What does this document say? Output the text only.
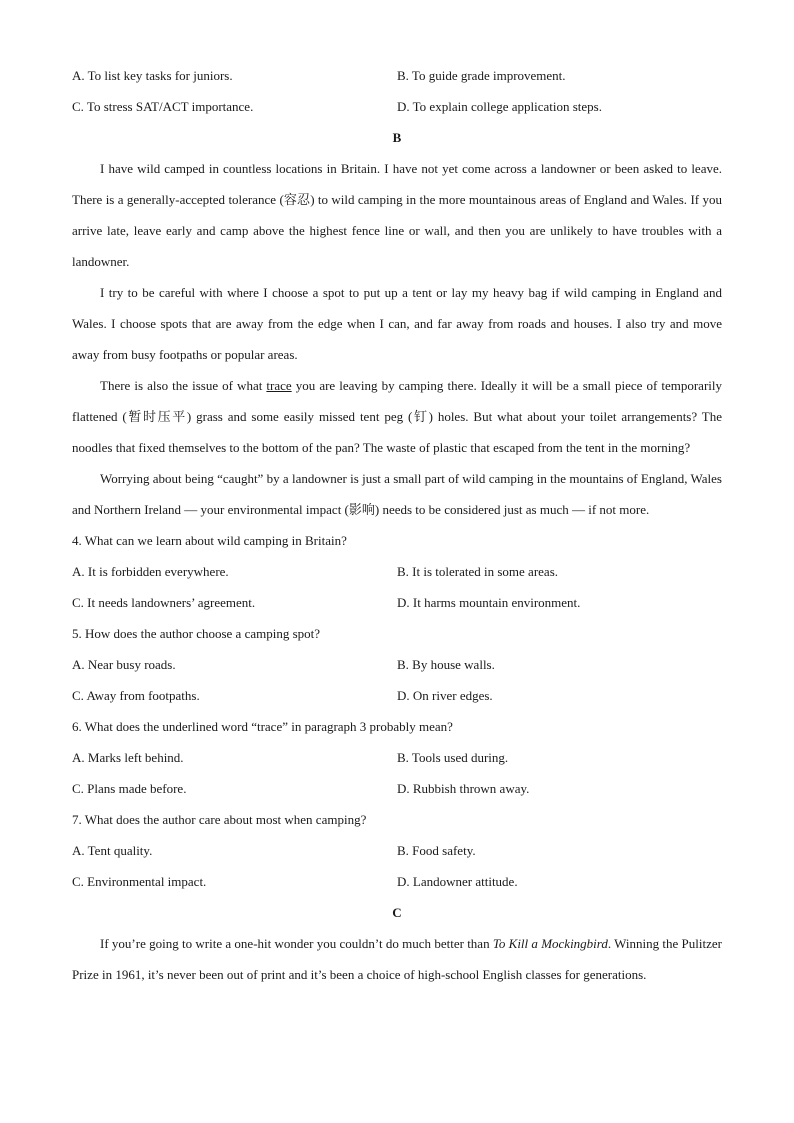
A. To list key tasks for juniors.	B. To guide grade improvement.
C. To stress SAT/ACT importance.	D. To explain college application steps.
B
I have wild camped in countless locations in Britain. I have not yet come across a landowner or been asked to leave. There is a generally-accepted tolerance (容忍) to wild camping in the more mountainous areas of England and Wales. If you arrive late, leave early and camp above the highest fence line or wall, and then you are unlikely to have troubles with a landowner.
I try to be careful with where I choose a spot to put up a tent or lay my heavy bag if wild camping in England and Wales. I choose spots that are away from the edge when I can, and far away from roads and houses. I also try and move away from busy footpaths or popular areas.
There is also the issue of what trace you are leaving by camping there. Ideally it will be a small piece of temporarily flattened (暂时压平) grass and some easily missed tent peg (钉) holes. But what about your toilet arrangements? The noodles that fixed themselves to the bottom of the pan? The waste of plastic that escaped from the tent in the morning?
Worrying about being “caught” by a landowner is just a small part of wild camping in the mountains of England, Wales and Northern Ireland — your environmental impact (影响) needs to be considered just as much — if not more.
4. What can we learn about wild camping in Britain?
A. It is forbidden everywhere.	B. It is tolerated in some areas.
C. It needs landowners’ agreement.	D. It harms mountain environment.
5. How does the author choose a camping spot?
A. Near busy roads.	B. By house walls.
C. Away from footpaths.	D. On river edges.
6. What does the underlined word “trace” in paragraph 3 probably mean?
A. Marks left behind.	B. Tools used during.
C. Plans made before.	D. Rubbish thrown away.
7. What does the author care about most when camping?
A. Tent quality.	B. Food safety.
C. Environmental impact.	D. Landowner attitude.
C
If you’re going to write a one-hit wonder you couldn’t do much better than To Kill a Mockingbird. Winning the Pulitzer Prize in 1961, it’s never been out of print and it’s been a choice of high-school English classes for generations.
